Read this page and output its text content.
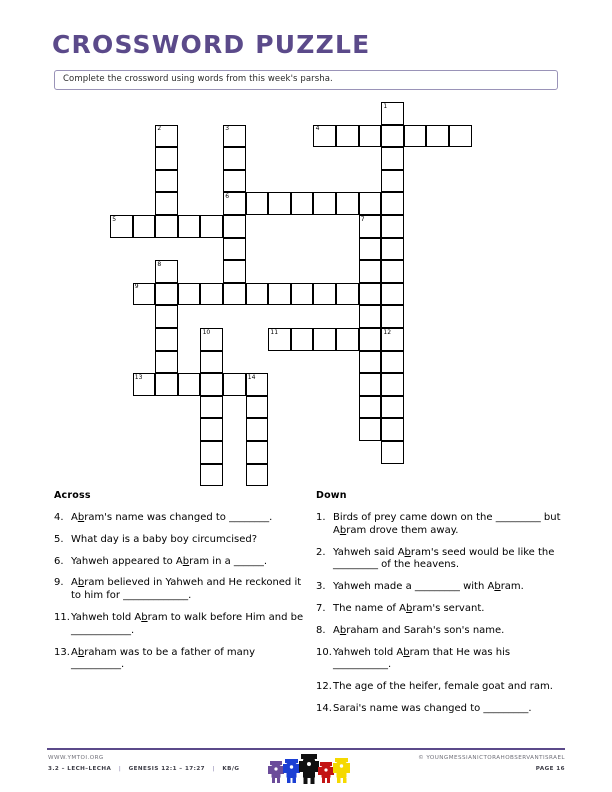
CROSSWORD PUZZLE
Complete the crossword using words from this week's parsha.
1
2	3	4
6
5	7
8
9
10	11	12
13	14
Across
4. Abram's name was changed to ________.
5. What day is a baby boy circumcised?
6. Yahweh appeared to Abram in a ______.
9. Abram believed in Yahweh and He reckoned it to him for _____________.
11. Yahweh told Abram to walk before Him and be ____________.
13. Abraham was to be a father of many __________.
Down
1. Birds of prey came down on the _________ but Abram drove them away.
2. Yahweh said Abram's seed would be like the _________ of the heavens.
3. Yahweh made a _________ with Abram.
7. The name of Abram's servant.
8. Abraham and Sarah's son's name.
10. Yahweh told Abram that He was his ___________.
12. The age of the heifer, female goat and ram.
14. Sarai's name was changed to _________.
WWW.YMTOI.ORG
3.2 – LECH–LECHA | GENESIS 12:1 – 17:27 | KB/G
© YOUNGMESSIANICTORAHOBSERVANTISRAEL
PAGE 16
